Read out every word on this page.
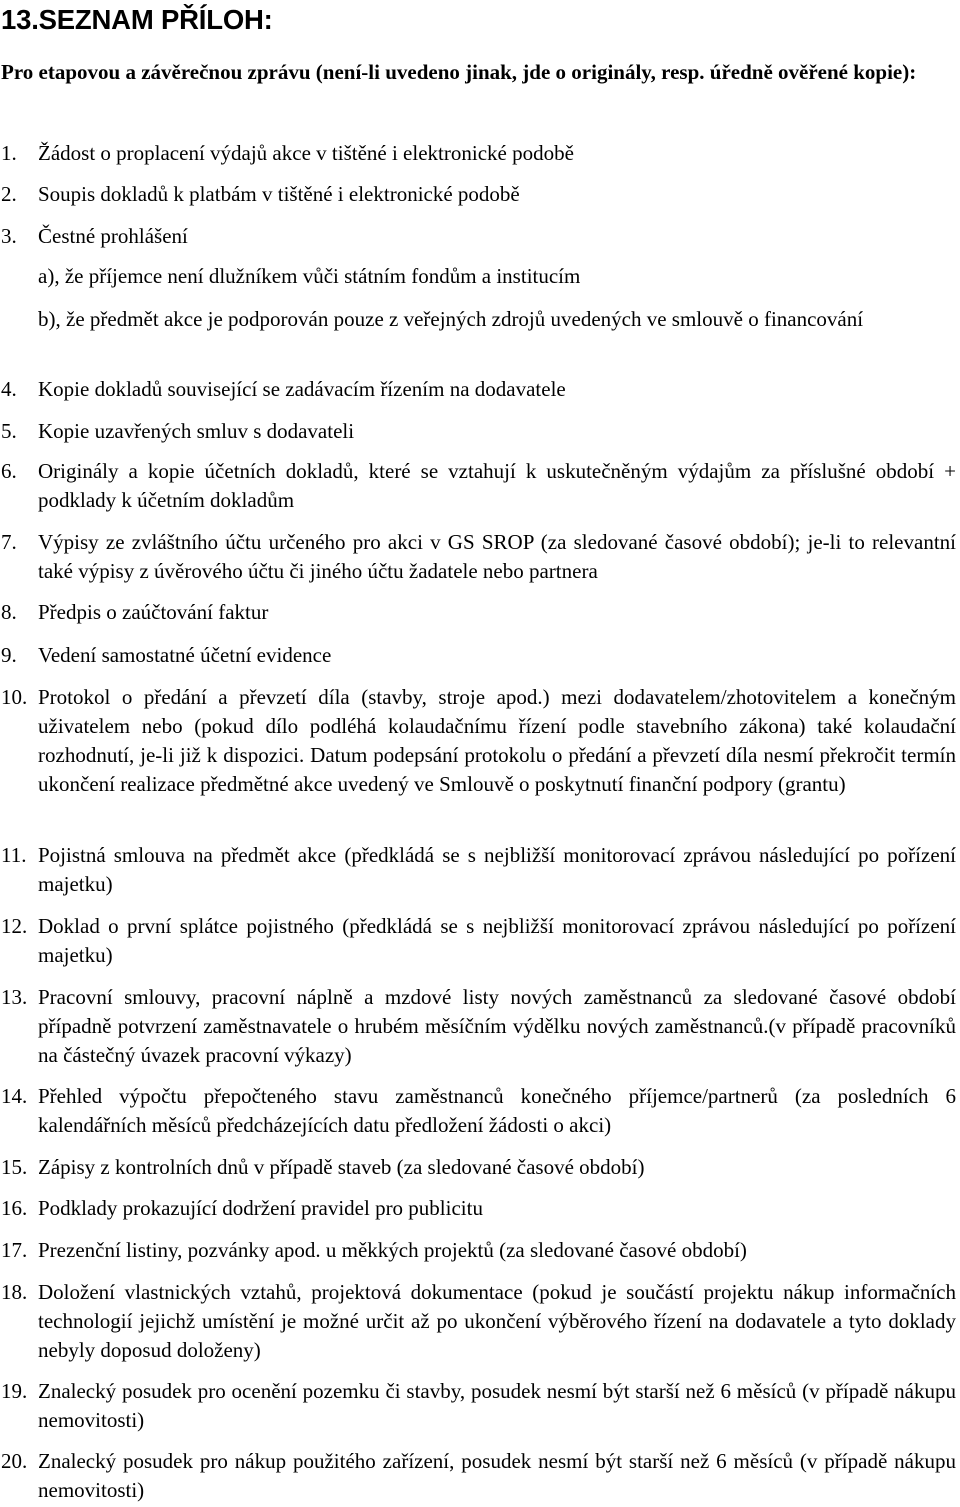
13.SEZNAM PŘÍLOH:
Pro etapovou a závěrečnou zprávu (není-li uvedeno jinak, jde o originály, resp. úředně ověřené kopie):
1. Žádost o proplacení výdajů akce v tištěné i elektronické podobě
2. Soupis dokladů k platbám v tištěné i elektronické podobě
3. Čestné prohlášení
a), že příjemce není dlužníkem vůči státním fondům a institucím
b), že předmět akce je podporován pouze z veřejných zdrojů uvedených ve smlouvě o financování
4. Kopie dokladů související se zadávacím řízením na dodavatele
5. Kopie uzavřených smluv s dodavateli
6. Originály a kopie účetních dokladů, které se vztahují k uskutečněným výdajům za příslušné období + podklady k účetním dokladům
7. Výpisy ze zvláštního účtu určeného pro akci v GS SROP (za sledované časové období); je-li to relevantní také výpisy z úvěrového účtu či jiného účtu žadatele nebo partnera
8. Předpis o zaúčtování faktur
9. Vedení samostatné účetní evidence
10. Protokol o předání a převzetí díla (stavby, stroje apod.) mezi dodavatelem/zhotovitelem a konečným uživatelem nebo (pokud dílo podléhá kolaudačnímu řízení podle stavebního zákona) také kolaudační rozhodnutí, je-li již k dispozici. Datum podepsání protokolu o předání a převzetí díla nesmí překročit termín ukončení realizace předmětné akce uvedený ve Smlouvě o poskytnutí finanční podpory (grantu)
11. Pojistná smlouva na předmět akce (předkládá se s nejbližší monitorovací zprávou následující po pořízení majetku)
12. Doklad o první splátce pojistného (předkládá se s nejbližší monitorovací zprávou následující po pořízení majetku)
13. Pracovní smlouvy, pracovní náplně a mzdové listy nových zaměstnanců za sledované časové období případně potvrzení zaměstnavatele o hrubém měsíčním výdělku nových zaměstnanců.(v případě pracovníků na částečný úvazek pracovní výkazy)
14. Přehled výpočtu přepočteného stavu zaměstnanců konečného příjemce/partnerů (za posledních 6 kalendářních měsíců předcházejících datu předložení žádosti o akci)
15. Zápisy z kontrolních dnů v případě staveb (za sledované časové období)
16. Podklady prokazující dodržení pravidel pro publicitu
17. Prezenční listiny, pozvánky apod. u měkkých projektů (za sledované časové období)
18. Doložení vlastnických vztahů, projektová dokumentace (pokud je součástí projektu nákup informačních technologií jejichž umístění je možné určit až po ukončení výběrového řízení na dodavatele a tyto doklady nebyly doposud doloženy)
19. Znalecký posudek pro ocenění pozemku či stavby, posudek nesmí být starší než 6 měsíců (v případě nákupu nemovitosti)
20. Znalecký posudek pro nákup použitého zařízení, posudek nesmí být starší než 6 měsíců (v případě nákupu nemovitosti)
